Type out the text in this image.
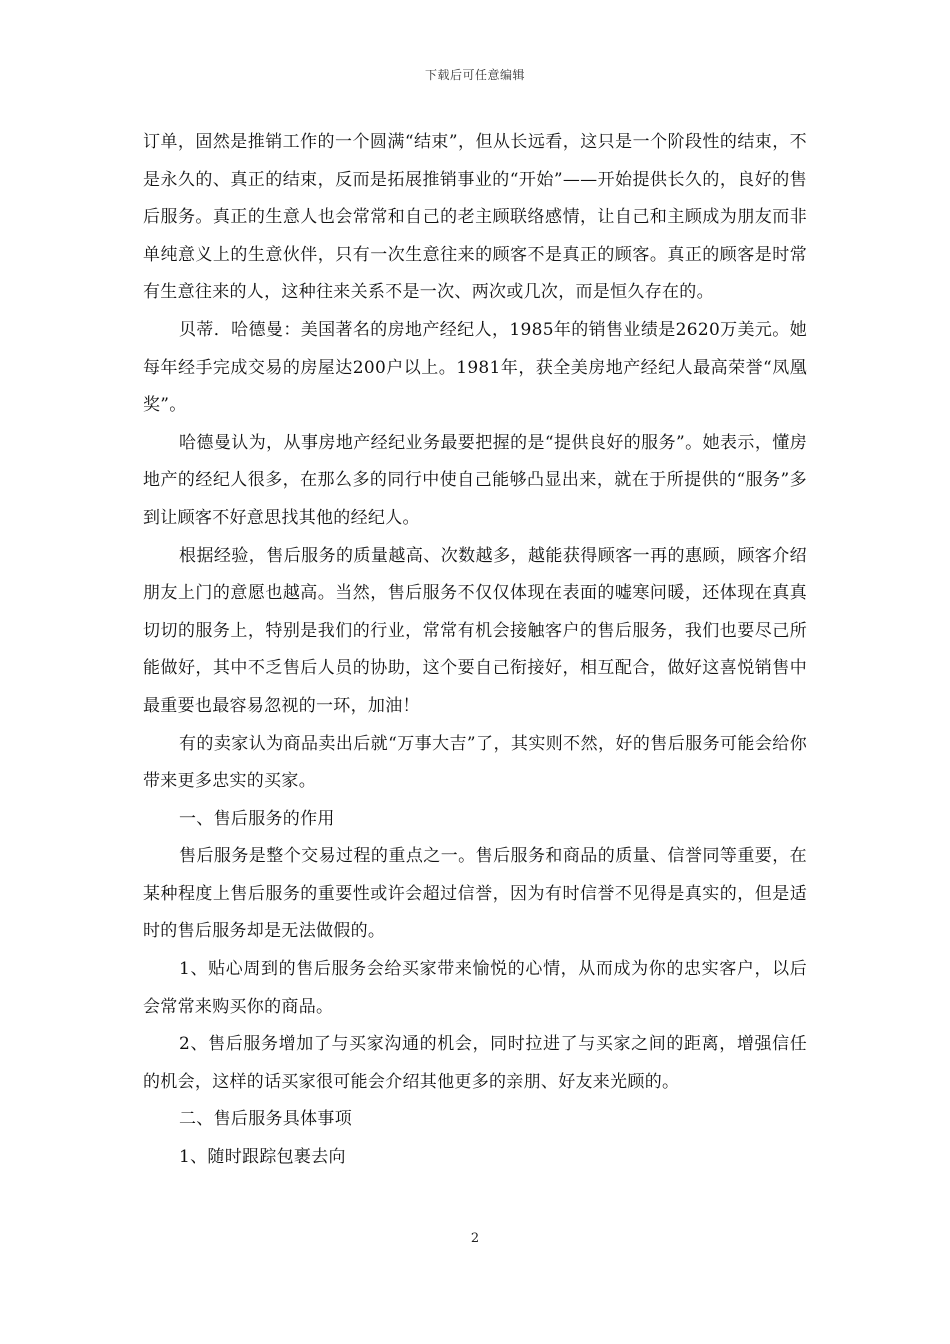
下载后可任意编辑

订单，固然是推销工作的一个圆满“结束”，但从长远看，这只是一个阶段性的结束，不是永久的、真正的结束，反而是拓展推销事业的“开始”——开始提供长久的，良好的售后服务。真正的生意人也会常常和自己的老主顾联络感情，让自己和主顾成为朋友而非单纯意义上的生意伙伴，只有一次生意往来的顾客不是真正的顾客。真正的顾客是时常有生意往来的人，这种往来关系不是一次、两次或几次，而是恒久存在的。

贝蒂．哈德曼：美国著名的房地产经纪人，1985年的销售业绩是2620万美元。她每年经手完成交易的房屋达200户以上。1981年，获全美房地产经纪人最高荣誉“凤凰奖”。

哈德曼认为，从事房地产经纪业务最要把握的是“提供良好的服务”。她表示，懂房地产的经纪人很多，在那么多的同行中使自己能够凸显出来，就在于所提供的“服务”多到让顾客不好意思找其他的经纪人。

根据经验，售后服务的质量越高、次数越多，越能获得顾客一再的惠顾，顾客介绍朋友上门的意愿也越高。当然，售后服务不仅仅体现在表面的嘘寒问暖，还体现在真真切切的服务上，特别是我们的行业，常常有机会接触客户的售后服务，我们也要尽己所能做好，其中不乏售后人员的协助，这个要自己衔接好，相互配合，做好这喜悦销售中最重要也最容易忽视的一环，加油！

有的卖家认为商品卖出后就“万事大吉”了，其实则不然，好的售后服务可能会给你带来更多忠实的买家。

一、售后服务的作用

售后服务是整个交易过程的重点之一。售后服务和商品的质量、信誉同等重要，在某种程度上售后服务的重要性或许会超过信誉，因为有时信誉不见得是真实的，但是适时的售后服务却是无法做假的。

1、贴心周到的售后服务会给买家带来愉悦的心情，从而成为你的忠实客户，以后会常常来购买你的商品。

2、售后服务增加了与买家沟通的机会，同时拉进了与买家之间的距离，增强信任的机会，这样的话买家很可能会介绍其他更多的亲朋、好友来光顾的。

二、售后服务具体事项

1、随时跟踪包裹去向

2
